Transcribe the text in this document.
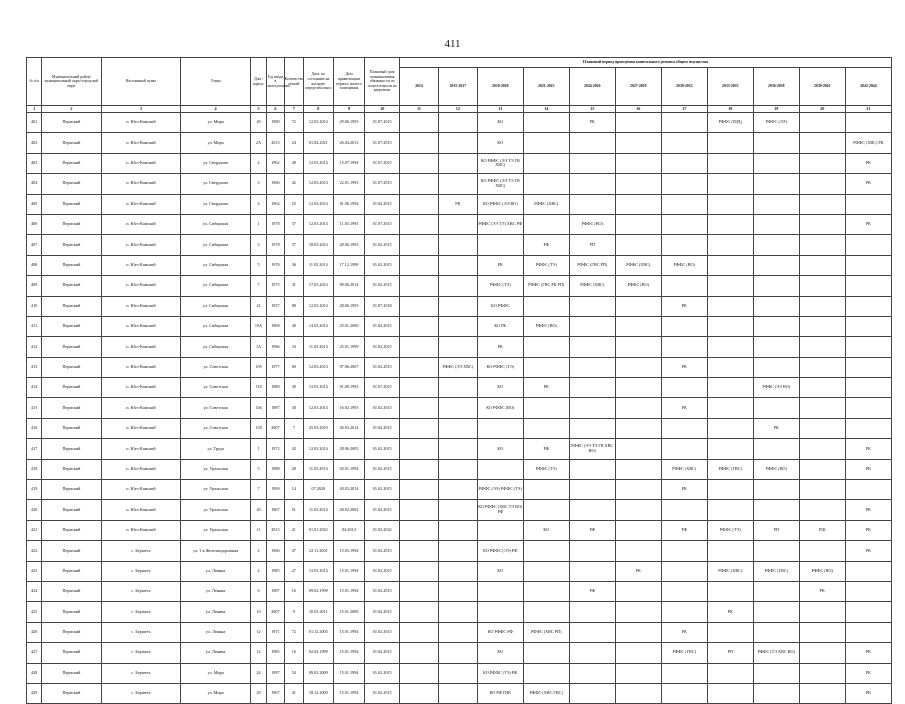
411
№ п/п	Муниципальный район/ муниципальный округ/городской округ	Населенный пункт	Улица	Дом / корпус	Год ввода в эксплуатацию	Количество этажей	Дата, по состоянию на которую определен износ	Дата приватизации первого жилого помещения	Плановый срок возникновения обязанности по оплате взносов на капремонт	Плановый период проведения капитального ремонта общего имущества										
										2014	2015-2017	2018-2020	2021-2023	2024-2026	2027-2029	2030-2032	2033-2035	2036-2038	2039-2041	2042-2044
1	2	3	4	5	6	7	8	9	10	11	12	13	14	15	16	17	18	19	20	21
401	Пермский	п. Юго-Камский	ул. Мира	20	1980	72	12.03.2014	29.06.1993	01.07.2015			КО		РК			РФФС (ПЗД)	РФФС (ЭЭ)		
402	Пермский	п. Юго-Камский	ул. Мира	2А	2013	24	01.04.2021	26.04.2013	01.07.2015			КО								РФФС (ХВС) РК
403	Пермский	п. Юго-Камский	ул. Свердлова	2	1962	40	12.03.2014	15.07.1994	01.07.2015			КО РФФС (ЭЭ ТЭ ГВ ХВС)								РК
404	Пермский	п. Юго-Камский	ул. Свердлова	3	1966	42	12.03.2014	22.01.1993	01.07.2015			КО РФФС (ЭЭ ТЭ ГВ ХВС)								РК
405	Пермский	п. Юго-Камский	ул. Свердлова	4	1962	53	12.03.2014	01.06.1994	01.02.2015		РК	КО РФФС (ЭЭ ВО)	РФФС (ХВС)							
406	Пермский	п. Юго-Камский	ул. Сибирская	1	1978	37	12.03.2014	11.03.1993	01.07.2015			РФФС (ЭЭ ТЭ) ХВС РФ		РФФС (ВО)						РК
407	Пермский	п. Юго-Камский	ул. Сибирская	3	1978	37	18.03.2014	28.06.1993	01.02.2015				РФ	РП						
408	Пермский	п. Юго-Камский	ул. Сибирская	5	1976	36	11.03.2014	17.12.1998	01.02.2015			РК	РФФС (ТЭ)	РФФС (ГВС РП)	РФФС (ХВС)	РФФС (ВО)				
409	Пермский	п. Юго-Камский	ул. Сибирская	7	1975	31	17.03.2014	09.06.2014	01.02.2015			РФФС (ТЭ)	РФФС (ГВС РК РП)	РФФС (ХВС)	РФФС (ВО)					
410	Пермский	п. Юго-Камский	ул. Сибирская	21	1957	88	12.03.2014	28.06.1993	01.07.2018			КО РФФС				РК				
411	Пермский	п. Юго-Камский	ул. Сибирская	19А	1968	40	14.03.2014	25.01.2000	01.02.2015			КО РК	РФФС (ВО)							
412	Пермский	п. Юго-Камский	ул. Сибирская	1А	1986	34	11.03.2014	25.01.1999	01.02.2015			РК								
413	Пермский	п. Юго-Камский	ул. Советская	105	1977	60	12.03.2014	07.06.2007	01.02.2015		РФФС (ЭЭ ХВС)	КО РФФС (ТЭ)				РК				
414	Пермский	п. Юго-Камский	ул. Советская	118	1980	30	13.03.2014	01.09.1993	01.07.2015			КО	РК					РФФС (ЭЭ ВО)		
415	Пермский	п. Юго-Камский	ул. Советская	146	1987	30	12.03.2014	16.02.1993	01.02.2015			КО РФФС (ВО)				РК				
416	Пермский	п. Юго-Камский	ул. Советская	150	2007	7	25.03.2019	20.03.2014	01.02.2015									РК		
417	Пермский	п. Юго-Камский	ул. Труда	1	1972	43	12.03.2014	28.06.2005	01.02.2015			КО	РФ	РФФС (ЭЭ ТЭ ГВ ХВС ВО)						РК
418	Пермский	п. Юго-Камский	ул. Уральская	5	1988	28	11.03.2014	03.01.1994	01.02.2015				РФФС (ТЭ)			РФФС (ХВС)	РФФС (ГВС)	РФФС (ВО)		РК
419	Пермский	п. Юго-Камский	ул. Уральская	7	1999	14	07.2020	20.03.2014	01.02.2015			РФФС (ЭЭ) РФФС (ТЭ)				РК				
420	Пермский	п. Юго-Камский	ул. Уральская	20	1967	51	11.03.2014	28.02.2002	01.02.2015			КО РФФС (ХВС ТЭ ВО) РФ								РК
421	Пермский	п. Юго-Камский	ул. Уральская	11	2013	21	01.01.2022	04.2014	01.02.2022				КО	РФ		РФ	РФФС (ТЭ)	РП	РШ	РК
422	Пермский	с. Бершеть	ул. 1-я Железнодорожная	2	1966	47	22.11.2001	15.03.1994	01.02.2015			КО РФФС (ЭЭ) РФ								РК
423	Пермский	с. Бершеть	ул. Ленина	2	1985	27	13.03.2014	15.01.1994	01.02.2015			КО			РК		РФФС (ХВС)	РФФС (ГВС)	РФФС (ВО)	
424	Пермский	с. Бершеть	ул. Ленина	6	1987	16	09.02.1999	15.01.1994	01.02.2015					РФ					РК	
425	Пермский	с. Бершеть	ул. Ленина	10	2007	9	10.03.2011	15.01.2009	01.02.2015								РК			
426	Пермский	с. Бершеть	ул. Ленина	12	1971	72	01.12.2005	15.01.1994	01.02.2015			КО РФФС РФ	РФФС (ХВС РП)			РК				
427	Пермский	с. Бершеть	ул. Ленина	14	1985	16	02.04.1999	15.01.1994	01.02.2015			КО				РФФС (ГВС)	РП	РФФС (ТЭ ХВС ВО)		РК
428	Пермский	с. Бершеть	ул. Мира	24	1997	54	09.02.2009	15.01.1994	01.02.2015			КО РФФС (ТЭ) РФ								РК
429	Пермский	с. Бершеть	ул. Мира	29	1967	41	18.12.2000	15.01.1994	01.02.2015			КО РФ ПЗК	РФФС (ХВС ГВС)							РК
